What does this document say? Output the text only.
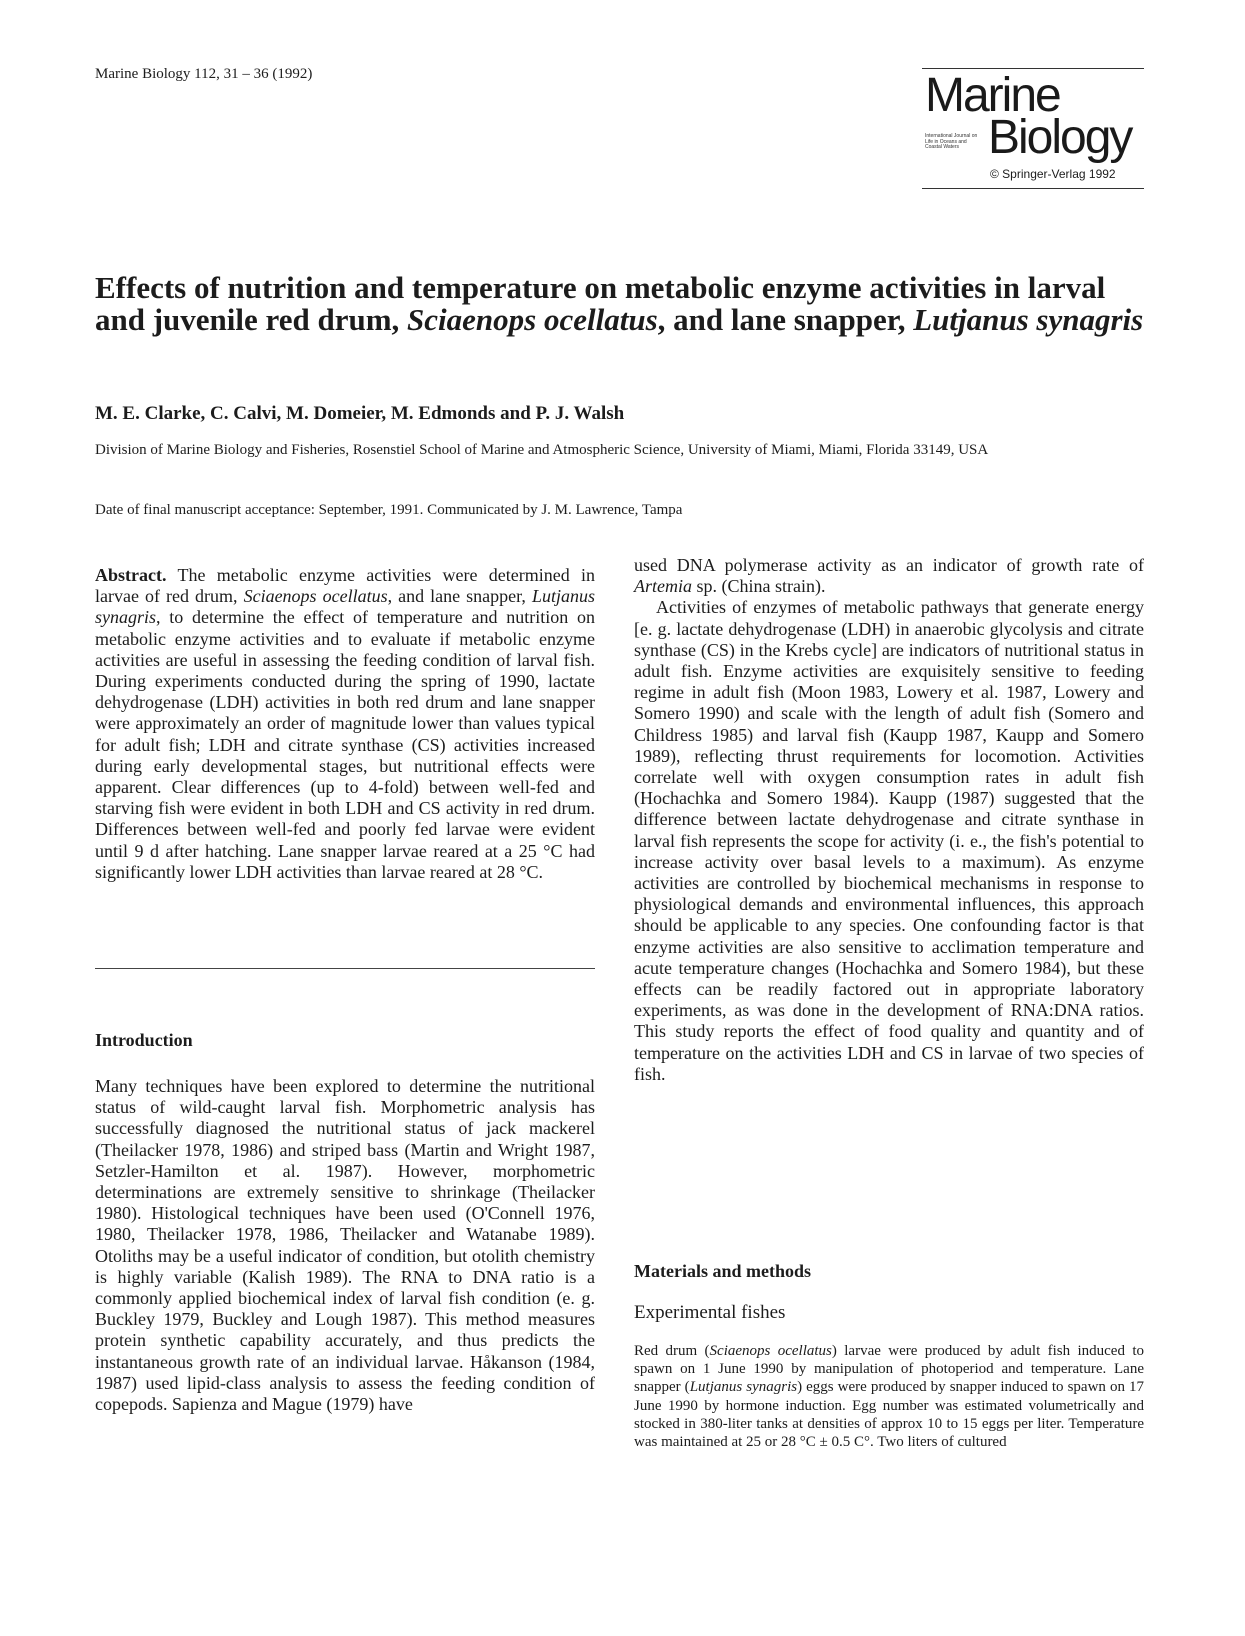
Marine Biology 112, 31 – 36 (1992)	Marine
International Journal on Life in Oceans and Coastal Waters Biology
© Springer-Verlag 1992
Effects of nutrition and temperature on metabolic enzyme activities in larval and juvenile red drum, Sciaenops ocellatus, and lane snapper, Lutjanus synagris
M. E. Clarke, C. Calvi, M. Domeier, M. Edmonds and P. J. Walsh
Division of Marine Biology and Fisheries, Rosenstiel School of Marine and Atmospheric Science, University of Miami, Miami, Florida 33149, USA
Date of final manuscript acceptance: September, 1991. Communicated by J. M. Lawrence, Tampa

Abstract. The metabolic enzyme activities were determined in larvae of red drum, Sciaenops ocellatus, and lane snapper, Lutjanus synagris, to determine the effect of temperature and nutrition on metabolic enzyme activities and to evaluate if metabolic enzyme activities are useful in assessing the feeding condition of larval fish. During experiments conducted during the spring of 1990, lactate dehydrogenase (LDH) activities in both red drum and lane snapper were approximately an order of magnitude lower than values typical for adult fish; LDH and citrate synthase (CS) activities increased during early developmental stages, but nutritional effects were apparent. Clear differences (up to 4-fold) between well-fed and starving fish were evident in both LDH and CS activity in red drum. Differences between well-fed and poorly fed larvae were evident until 9 d after hatching. Lane snapper larvae reared at a 25 °C had significantly lower LDH activities than larvae reared at 28 °C.

Introduction

Many techniques have been explored to determine the nutritional status of wild-caught larval fish. Morphometric analysis has successfully diagnosed the nutritional status of jack mackerel (Theilacker 1978, 1986) and striped bass (Martin and Wright 1987, Setzler-Hamilton et al. 1987). However, morphometric determinations are extremely sensitive to shrinkage (Theilacker 1980). Histological techniques have been used (O'Connell 1976, 1980, Theilacker 1978, 1986, Theilacker and Watanabe 1989). Otoliths may be a useful indicator of condition, but otolith chemistry is highly variable (Kalish 1989). The RNA to DNA ratio is a commonly applied biochemical index of larval fish condition (e. g. Buckley 1979, Buckley and Lough 1987). This method measures protein synthetic capability accurately, and thus predicts the instantaneous growth rate of an individual larvae. Håkanson (1984, 1987) used lipid-class analysis to assess the feeding condition of copepods. Sapienza and Mague (1979) have

used DNA polymerase activity as an indicator of growth rate of Artemia sp. (China strain).

Activities of enzymes of metabolic pathways that generate energy [e. g. lactate dehydrogenase (LDH) in anaerobic glycolysis and citrate synthase (CS) in the Krebs cycle] are indicators of nutritional status in adult fish. Enzyme activities are exquisitely sensitive to feeding regime in adult fish (Moon 1983, Lowery et al. 1987, Lowery and Somero 1990) and scale with the length of adult fish (Somero and Childress 1985) and larval fish (Kaupp 1987, Kaupp and Somero 1989), reflecting thrust requirements for locomotion. Activities correlate well with oxygen consumption rates in adult fish (Hochachka and Somero 1984). Kaupp (1987) suggested that the difference between lactate dehydrogenase and citrate synthase in larval fish represents the scope for activity (i. e., the fish's potential to increase activity over basal levels to a maximum). As enzyme activities are controlled by biochemical mechanisms in response to physiological demands and environmental influences, this approach should be applicable to any species. One confounding factor is that enzyme activities are also sensitive to acclimation temperature and acute temperature changes (Hochachka and Somero 1984), but these effects can be readily factored out in appropriate laboratory experiments, as was done in the development of RNA:DNA ratios. This study reports the effect of food quality and quantity and of temperature on the activities LDH and CS in larvae of two species of fish.

Materials and methods
Experimental fishes

Red drum (Sciaenops ocellatus) larvae were produced by adult fish induced to spawn on 1 June 1990 by manipulation of photoperiod and temperature. Lane snapper (Lutjanus synagris) eggs were produced by snapper induced to spawn on 17 June 1990 by hormone induction. Egg number was estimated volumetrically and stocked in 380-liter tanks at densities of approx 10 to 15 eggs per liter. Temperature was maintained at 25 or 28 °C ± 0.5 C°. Two liters of cultured
